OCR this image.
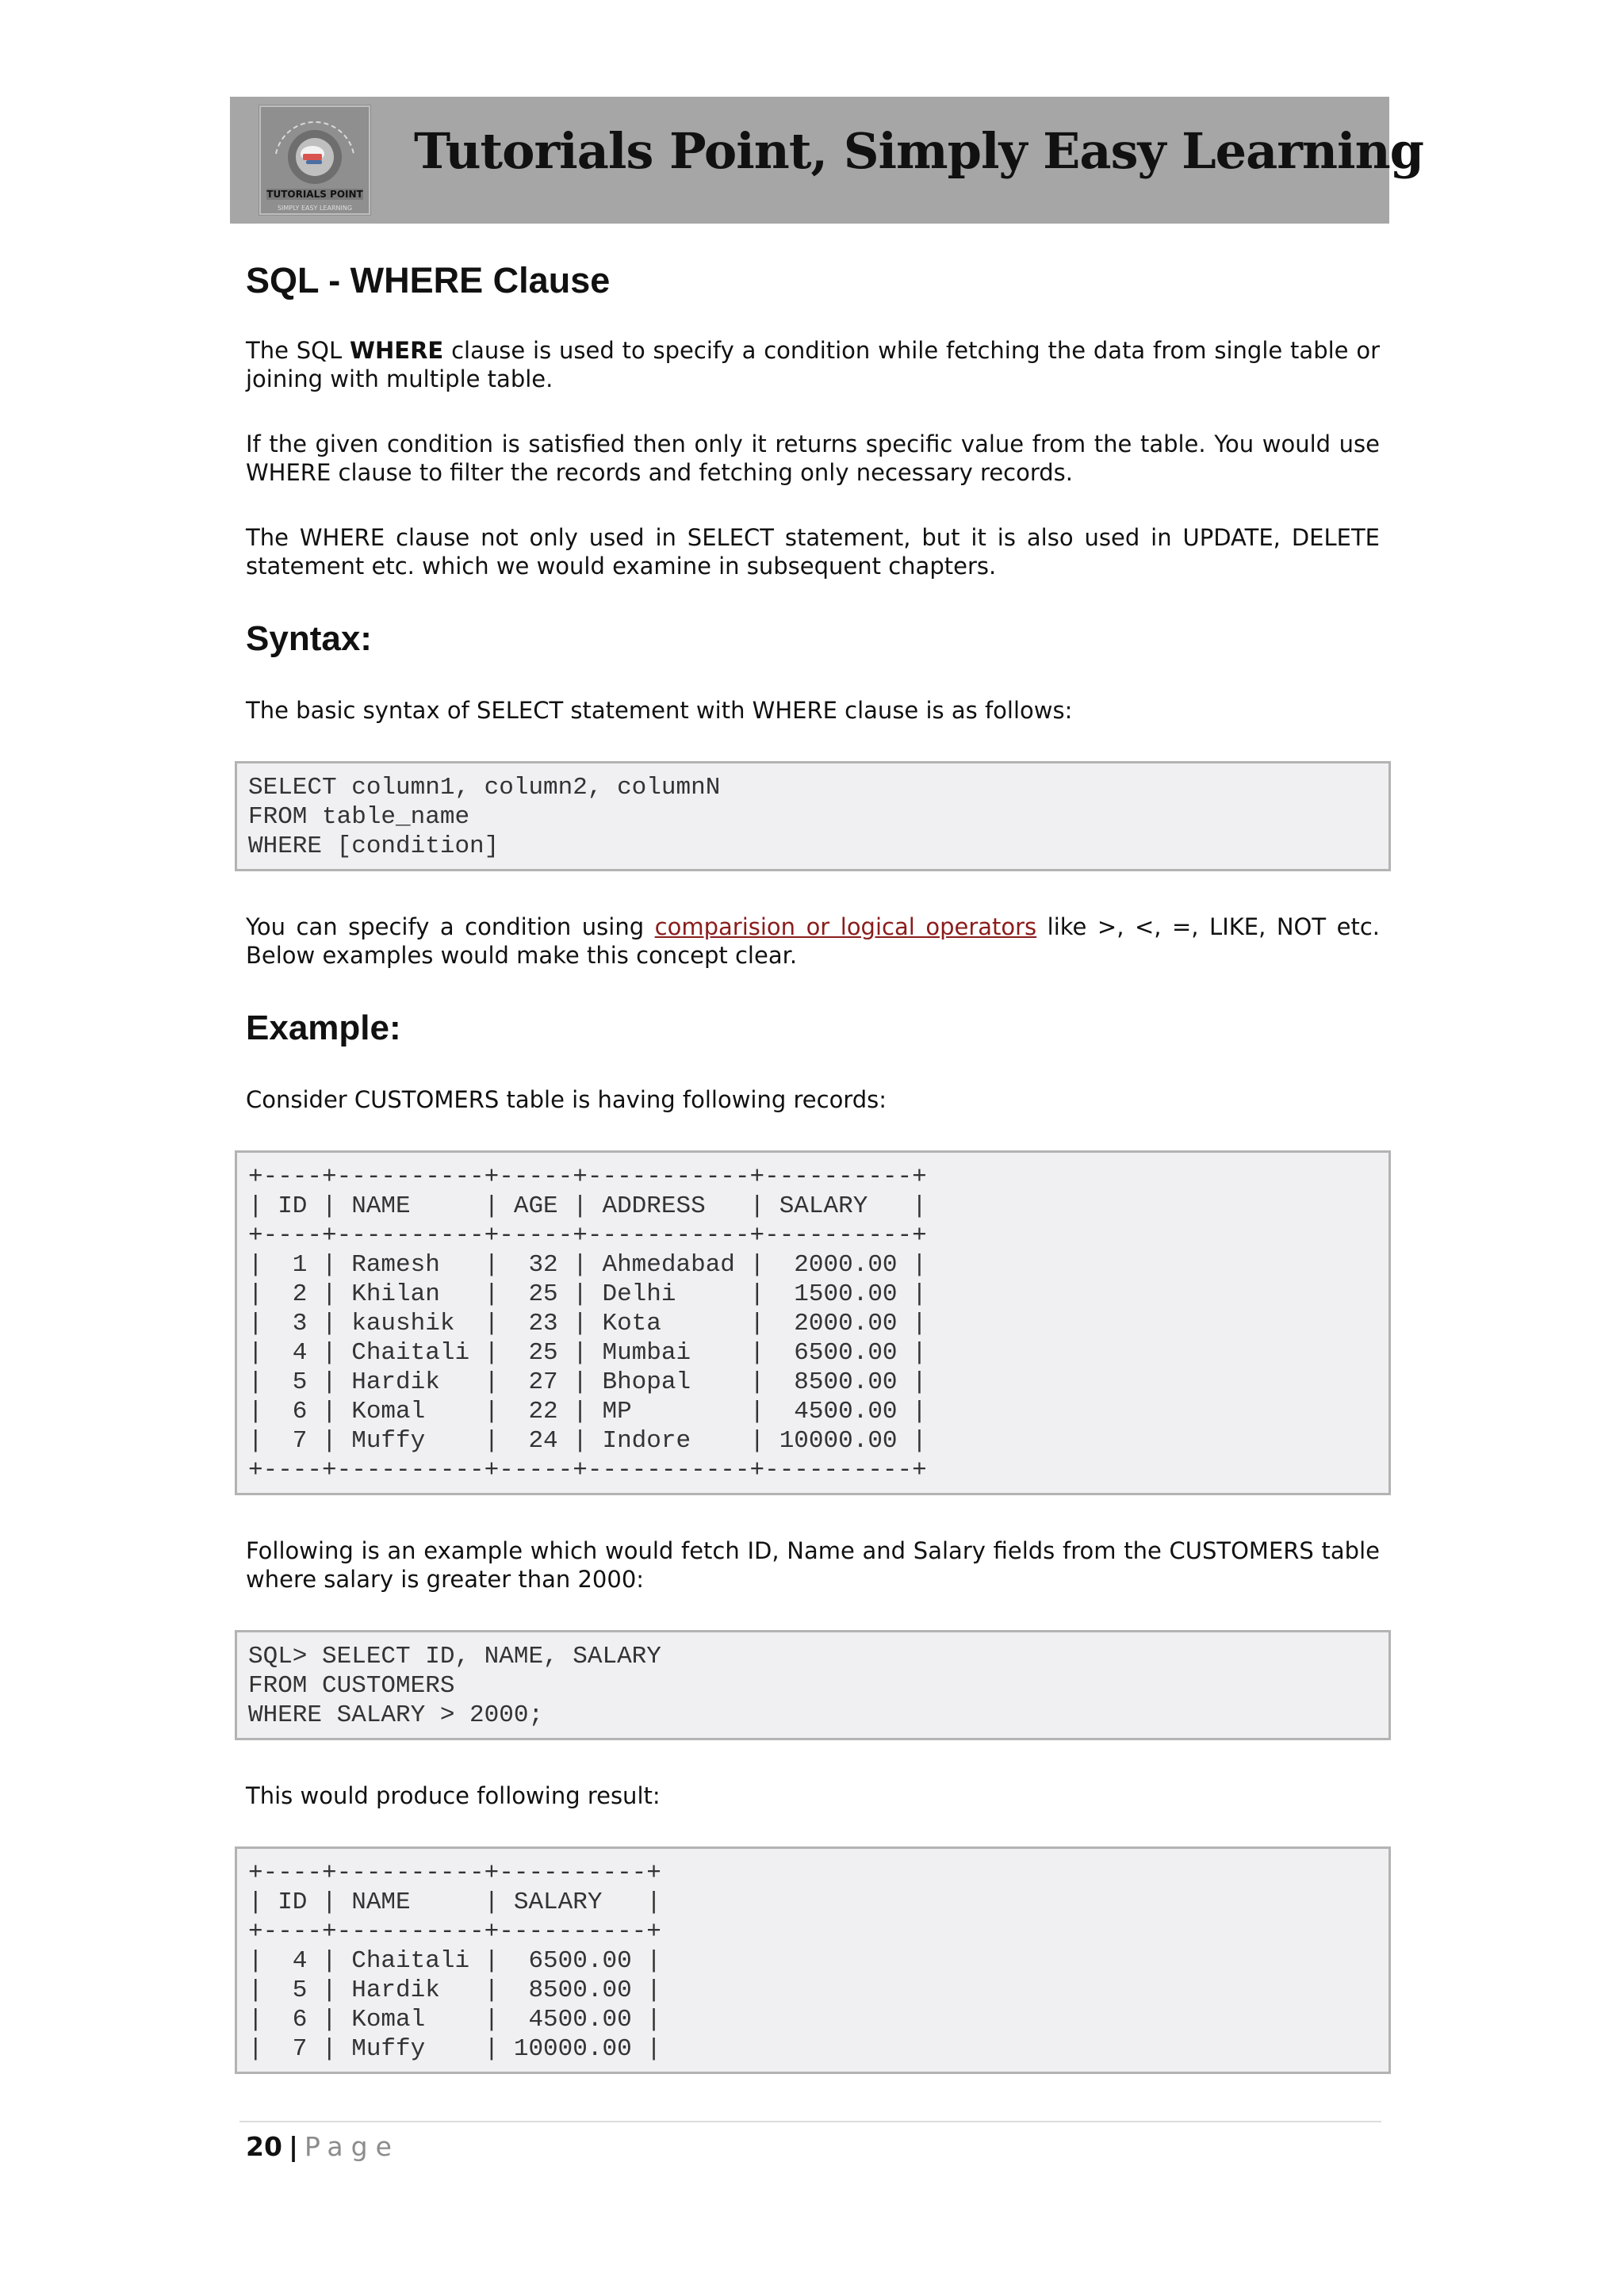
TUTORIALS POINT
SIMPLY EASY LEARNING
Tutorials Point, Simply Easy Learning
SQL - WHERE Clause

The SQL WHERE clause is used to specify a condition while fetching the data from single table or joining with multiple table.

If the given condition is satisfied then only it returns specific value from the table. You would use WHERE clause to filter the records and fetching only necessary records.

The WHERE clause not only used in SELECT statement, but it is also used in UPDATE, DELETE statement etc. which we would examine in subsequent chapters.

Syntax:

The basic syntax of SELECT statement with WHERE clause is as follows:

SELECT column1, column2, columnN
FROM table_name
WHERE [condition]

You can specify a condition using comparision or logical operators like >, <, =, LIKE, NOT etc. Below examples would make this concept clear.

Example:

Consider CUSTOMERS table is having following records:

+----+----------+-----+-----------+----------+
| ID | NAME     | AGE | ADDRESS   | SALARY   |
+----+----------+-----+-----------+----------+
|  1 | Ramesh   |  32 | Ahmedabad |  2000.00 |
|  2 | Khilan   |  25 | Delhi     |  1500.00 |
|  3 | kaushik  |  23 | Kota      |  2000.00 |
|  4 | Chaitali |  25 | Mumbai    |  6500.00 |
|  5 | Hardik   |  27 | Bhopal    |  8500.00 |
|  6 | Komal    |  22 | MP        |  4500.00 |
|  7 | Muffy    |  24 | Indore    | 10000.00 |
+----+----------+-----+-----------+----------+

Following is an example which would fetch ID, Name and Salary fields from the CUSTOMERS table where salary is greater than 2000:

SQL> SELECT ID, NAME, SALARY
FROM CUSTOMERS
WHERE SALARY > 2000;

This would produce following result:

+----+----------+----------+
| ID | NAME     | SALARY   |
+----+----------+----------+
|  4 | Chaitali |  6500.00 |
|  5 | Hardik   |  8500.00 |
|  6 | Komal    |  4500.00 |
|  7 | Muffy    | 10000.00 |
20 | Page
